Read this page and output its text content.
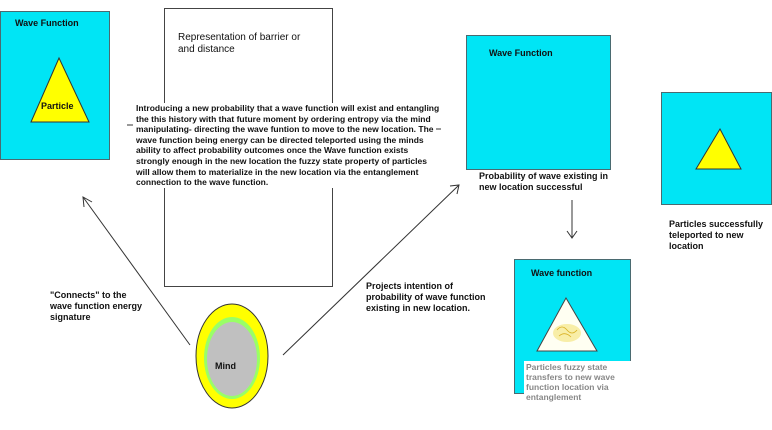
Wave Function
Particle
Representation of barrier or and distance
Introducing a new probability that a wave function will exist and entangling the this history with that future moment by ordering entropy via the mind manipulating- directing the wave funtion to move to the new location. The wave function being energy can be directed teleported using the minds ability to affect probability outcomes once the Wave function exists strongly enough in the new location the fuzzy state property of particles will allow them to materialize in the new location via the entanglement connection to the wave function.
Wave Function
Probability of wave existing in new location successful
Particles successfully teleported to new location
Wave function
Particles fuzzy state transfers to new wave function location via entanglement
Mind
"Connects" to the wave function energy signature
Projects intention of probability of wave function existing in new location.
